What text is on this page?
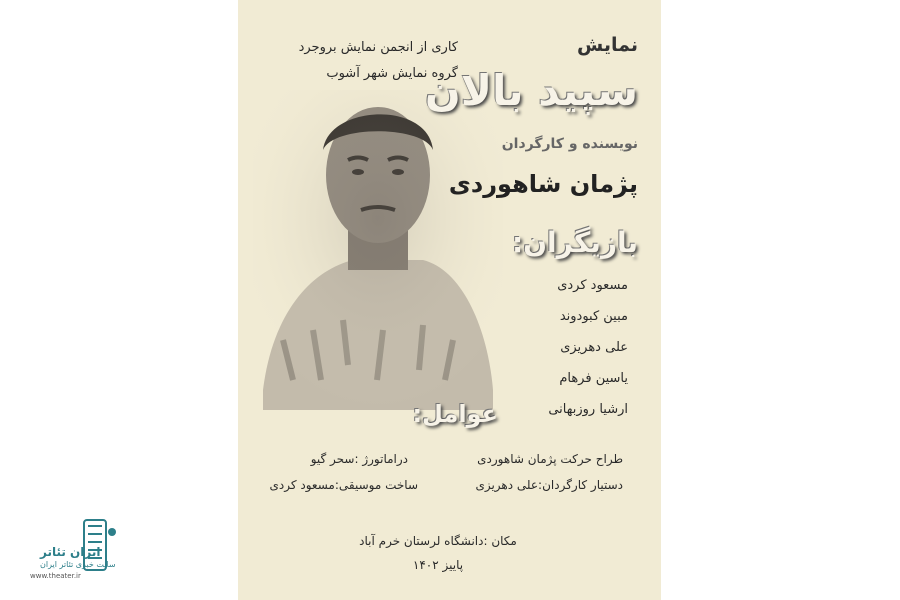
کاری از انجمن نمایش بروجرد
گروه نمایش شهر آشوب
نمایش
سپید بالان
نویسنده و کارگردان
پژمان شاهوردی
بازیگران:
مسعود کردی
مبین کبودوند
علی دهریزی
یاسین فرهام
ارشیا روزبهانی
عوامل:
طراح حرکت پژمان شاهوردی
دراماتورژ :سحر گیو
دستیار کارگردان:علی دهریزی
ساخت موسیقی:مسعود کردی
مکان :دانشگاه لرستان خرم آباد
پاییز ۱۴۰۲
ایران تئاتر
سایت خبری تئاتر ایران
www.theater.ir
